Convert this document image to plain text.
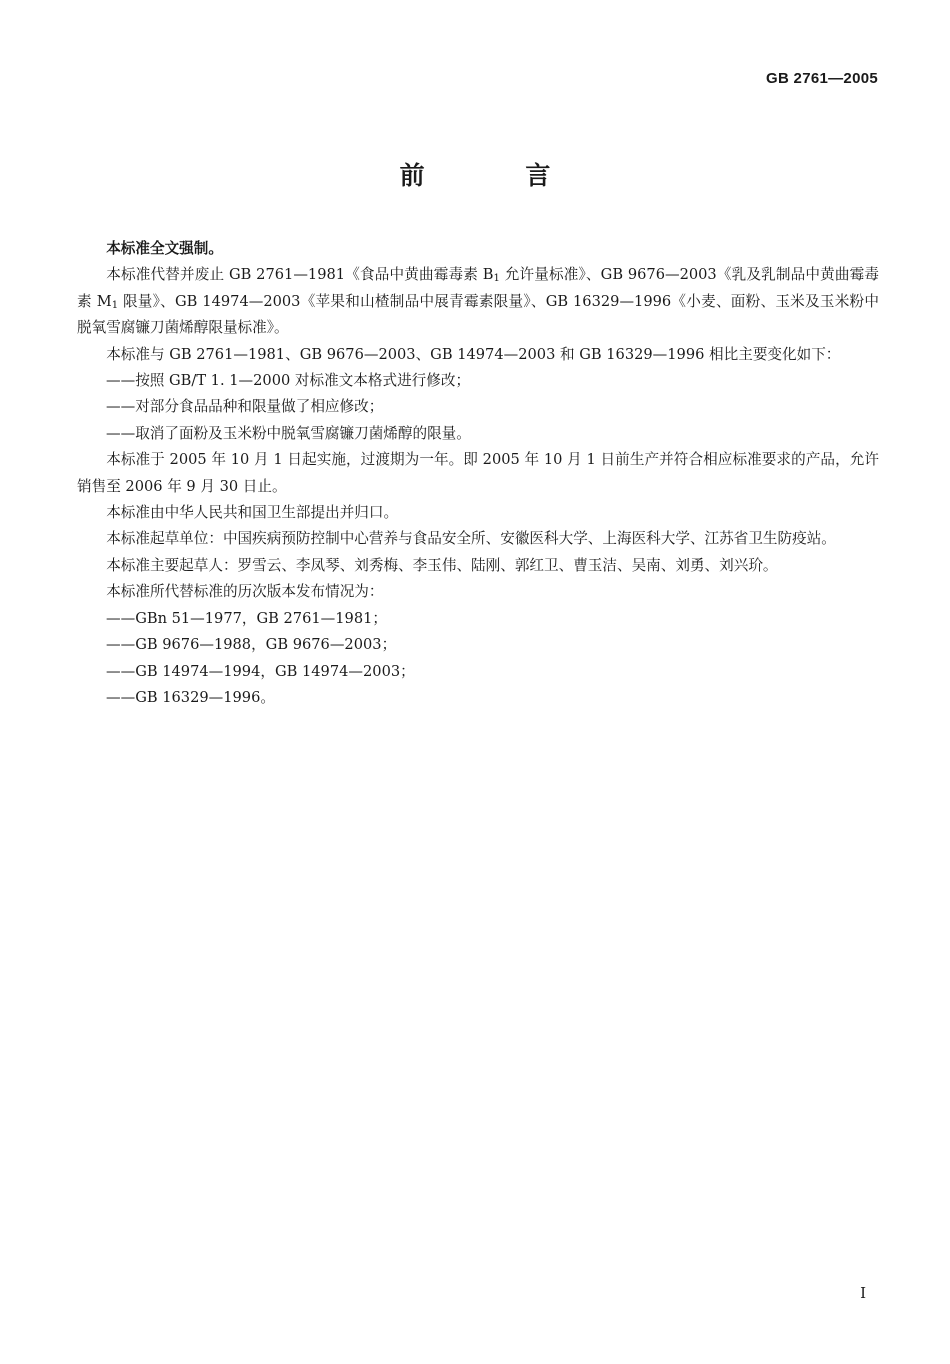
GB 2761—2005
前 言

本标准全文强制。

本标准代替并废止 GB 2761—1981《食品中黄曲霉毒素 $B_1$ 允许量标准》、GB 9676—2003《乳及乳制品中黄曲霉毒素 $M_1$ 限量》、GB 14974—2003《苹果和山楂制品中展青霉素限量》、GB 16329—1996《小麦、面粉、玉米及玉米粉中脱氧雪腐镰刀菌烯醇限量标准》。

本标准与 GB 2761—1981、GB 9676—2003、GB 14974—2003 和 GB 16329—1996 相比主要变化如下：

——按照 GB/T 1. 1—2000 对标准文本格式进行修改；

——对部分食品品种和限量做了相应修改；

——取消了面粉及玉米粉中脱氧雪腐镰刀菌烯醇的限量。

本标准于 2005 年 10 月 1 日起实施，过渡期为一年。即 2005 年 10 月 1 日前生产并符合相应标准要求的产品，允许销售至 2006 年 9 月 30 日止。

本标准由中华人民共和国卫生部提出并归口。

本标准起草单位：中国疾病预防控制中心营养与食品安全所、安徽医科大学、上海医科大学、江苏省卫生防疫站。

本标准主要起草人：罗雪云、李凤琴、刘秀梅、李玉伟、陆刚、郭红卫、曹玉洁、吴南、刘勇、刘兴玠。

本标准所代替标准的历次版本发布情况为：

——GBn 51—1977，GB 2761—1981；

——GB 9676—1988，GB 9676—2003；

——GB 14974—1994，GB 14974—2003；

——GB 16329—1996。

I
